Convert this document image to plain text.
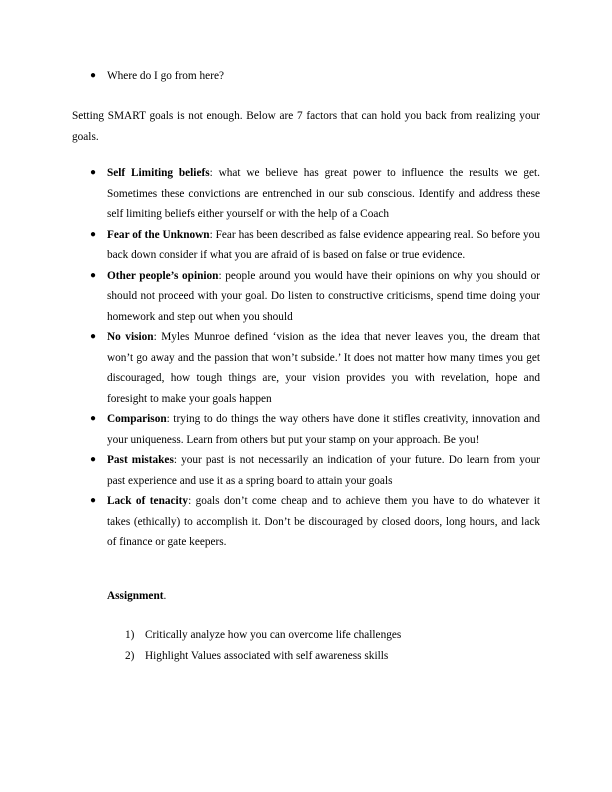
● Where do I go from here?

Setting SMART goals is not enough. Below are 7 factors that can hold you back from realizing your goals.

● Self Limiting beliefs: what we believe has great power to influence the results we get. Sometimes these convictions are entrenched in our sub conscious. Identify and address these self limiting beliefs either yourself or with the help of a Coach
● Fear of the Unknown: Fear has been described as false evidence appearing real. So before you back down consider if what you are afraid of is based on false or true evidence.
● Other people’s opinion: people around you would have their opinions on why you should or should not proceed with your goal. Do listen to constructive criticisms, spend time doing your homework and step out when you should
● No vision: Myles Munroe defined ‘vision as the idea that never leaves you, the dream that won’t go away and the passion that won’t subside.’ It does not matter how many times you get discouraged, how tough things are, your vision provides you with revelation, hope and foresight to make your goals happen
● Comparison: trying to do things the way others have done it stifles creativity, innovation and your uniqueness. Learn from others but put your stamp on your approach. Be you!
● Past mistakes: your past is not necessarily an indication of your future. Do learn from your past experience and use it as a spring board to attain your goals
● Lack of tenacity: goals don’t come cheap and to achieve them you have to do whatever it takes (ethically) to accomplish it. Don’t be discouraged by closed doors, long hours, and lack of finance or gate keepers.

Assignment.

1) Critically analyze how you can overcome life challenges
2) Highlight Values associated with self awareness skills
